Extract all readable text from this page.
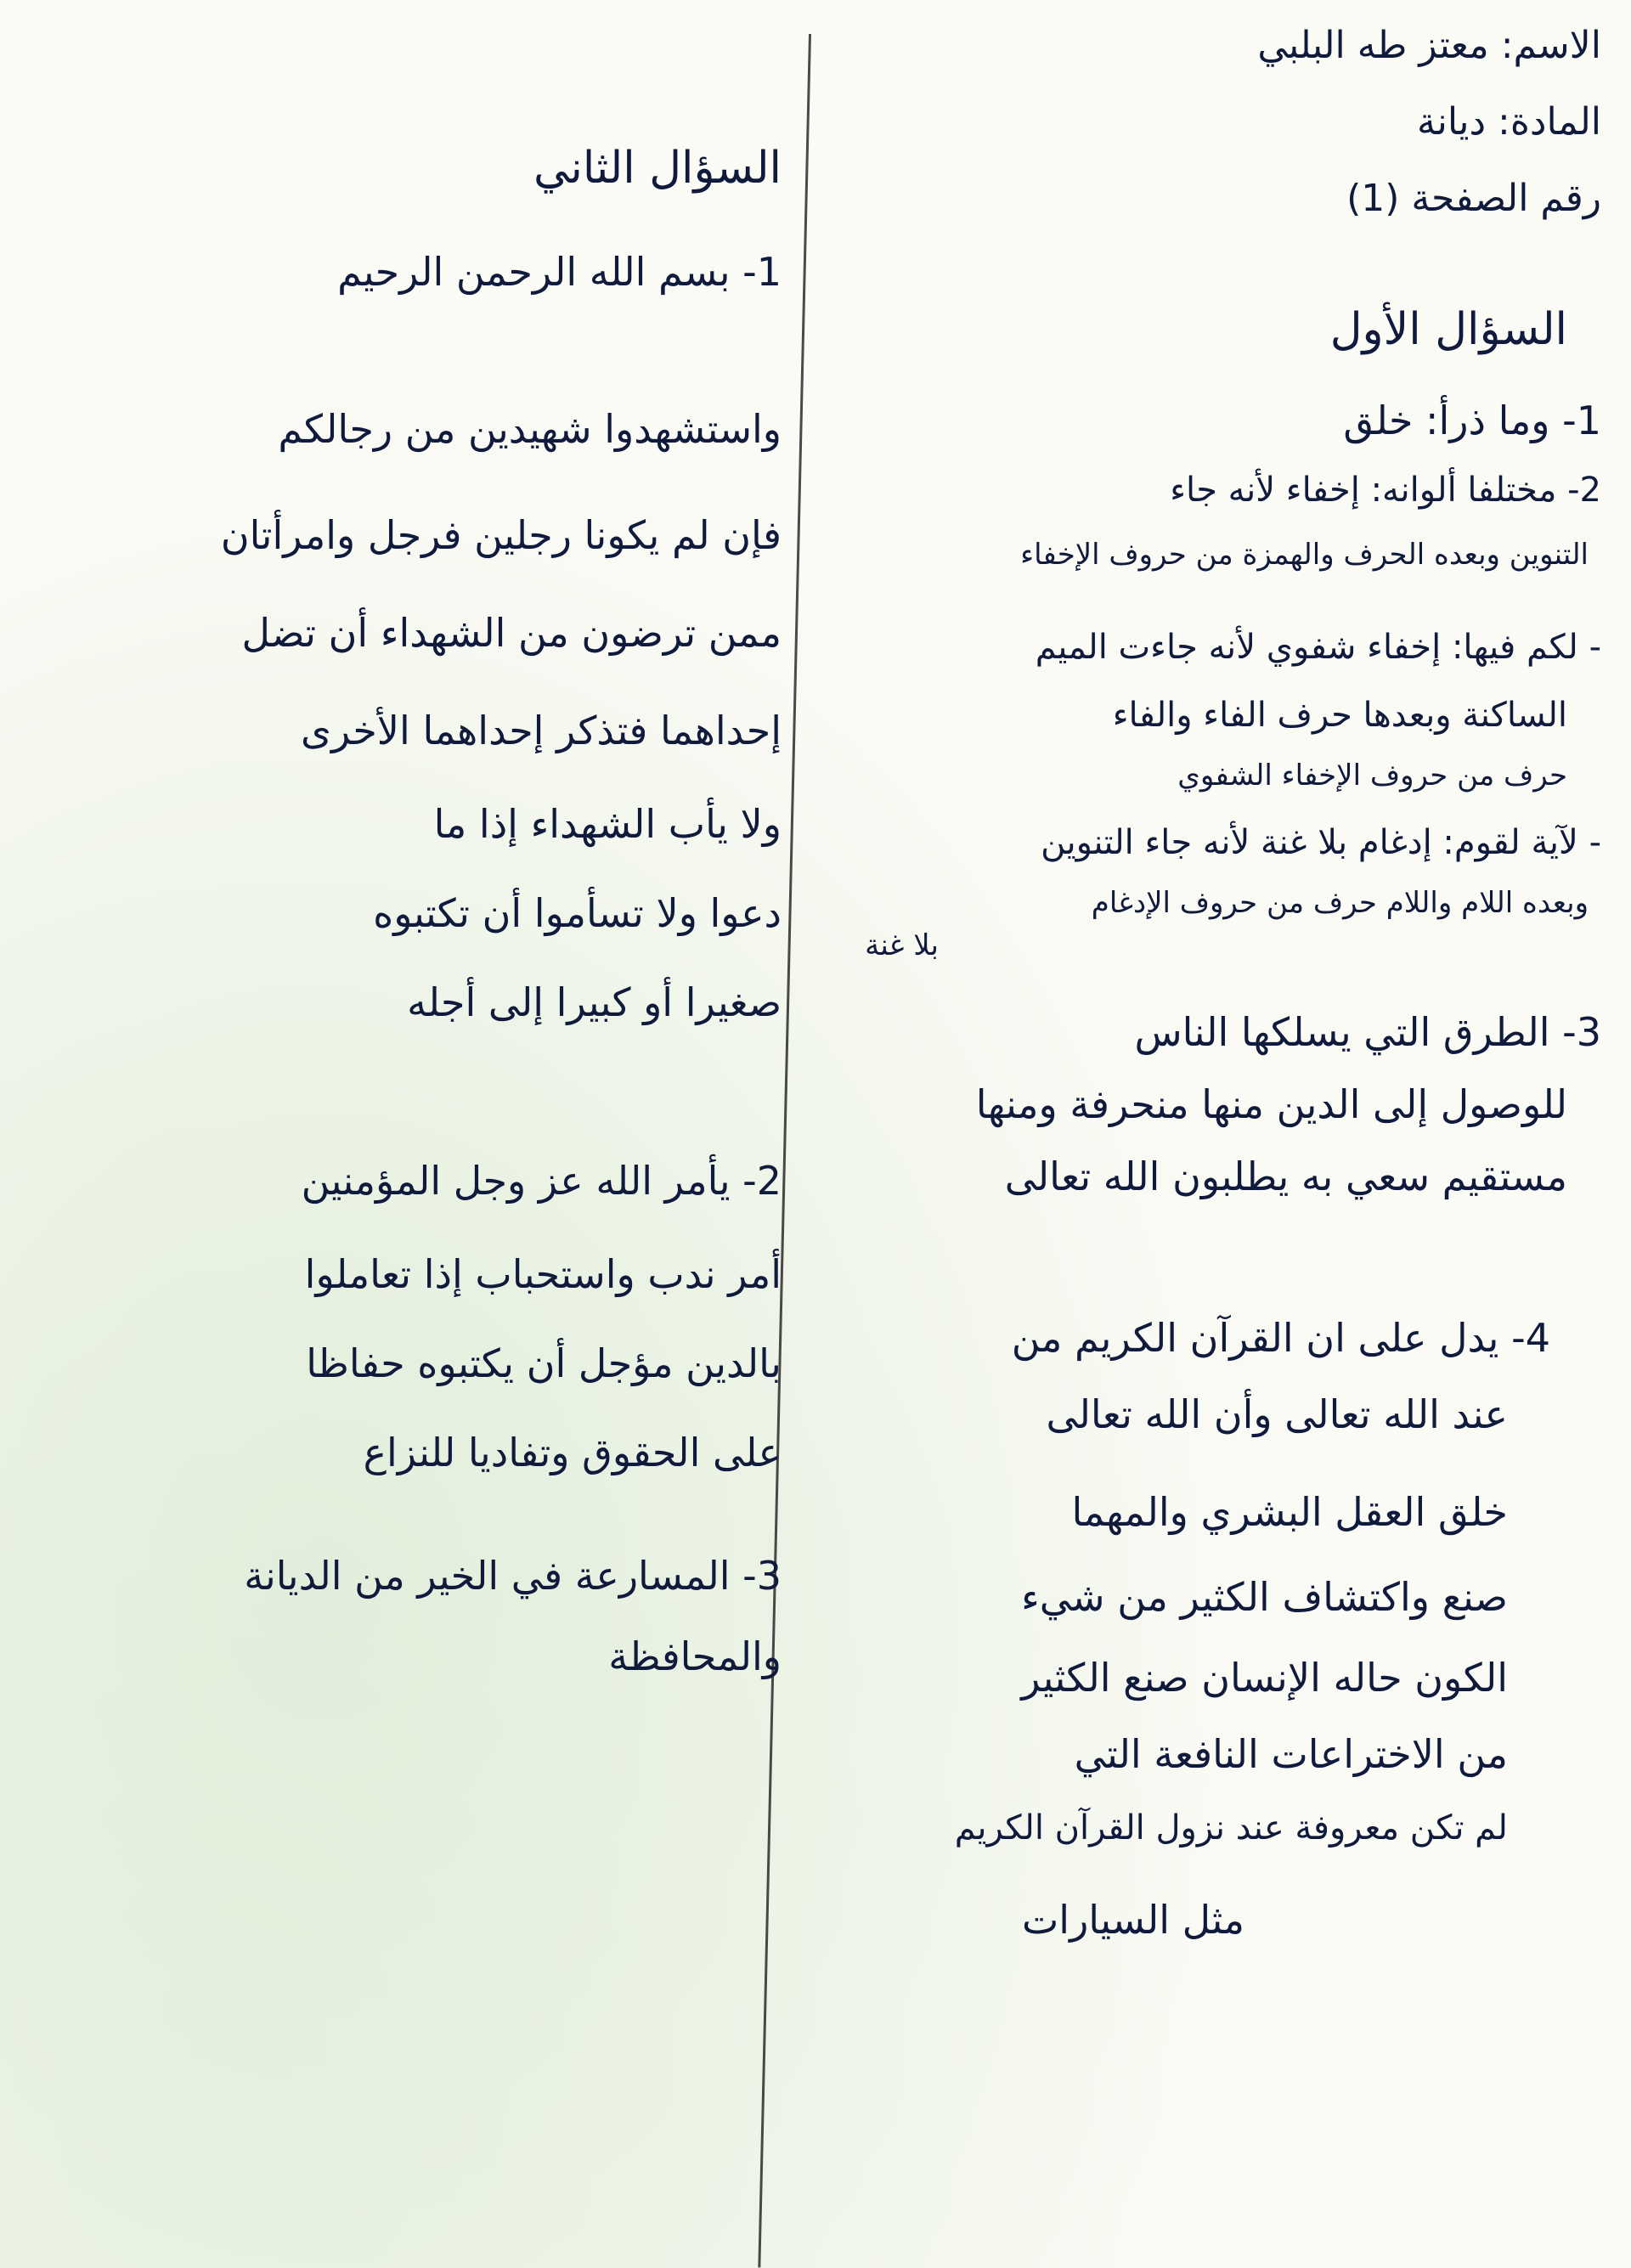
الاسم: معتز طه البلبي
المادة: ديانة
رقم الصفحة (1)
السؤال الأول
1- وما ذرأ: خلق
2- مختلفا ألوانه: إخفاء لأنه جاء
التنوين وبعده الحرف والهمزة من حروف الإخفاء
- لكم فيها: إخفاء شفوي لأنه جاءت الميم
الساكنة وبعدها حرف الفاء والفاء
حرف من حروف الإخفاء الشفوي
- لآية لقوم: إدغام بلا غنة لأنه جاء التنوين
وبعده اللام واللام حرف من حروف الإدغام
بلا غنة
3- الطرق التي يسلكها الناس
للوصول إلى الدين منها منحرفة ومنها
مستقيم سعي به يطلبون الله تعالى
4- يدل على ان القرآن الكريم من
عند الله تعالى وأن الله تعالى
خلق العقل البشري والمهما
صنع واكتشاف الكثير من شيء
الكون حاله الإنسان صنع الكثير
من الاختراعات النافعة التي
لم تكن معروفة عند نزول القرآن الكريم
مثل السيارات
السؤال الثاني
1- بسم الله الرحمن الرحيم
واستشهدوا شهيدين من رجالكم
فإن لم يكونا رجلين فرجل وامرأتان
ممن ترضون من الشهداء أن تضل
إحداهما فتذكر إحداهما الأخرى
ولا يأب الشهداء إذا ما
دعوا ولا تسأموا أن تكتبوه
صغيرا أو كبيرا إلى أجله
2- يأمر الله عز وجل المؤمنين
أمر ندب واستحباب إذا تعاملوا
بالدين مؤجل أن يكتبوه حفاظا
على الحقوق وتفاديا للنزاع
3- المسارعة في الخير من الديانة
والمحافظة
